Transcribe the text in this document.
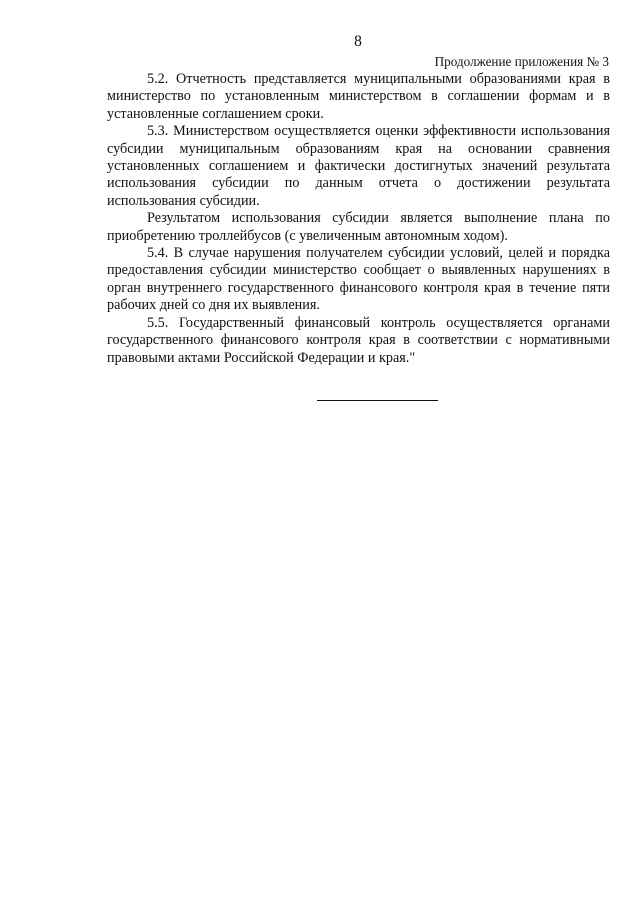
8
Продолжение приложения № 3

5.2. Отчетность представляется муниципальными образованиями края в министерство по установленным министерством в соглашении формам и в установленные соглашением сроки.

5.3. Министерством осуществляется оценки эффективности использования субсидии муниципальным образованиям края на основании сравнения установленных соглашением и фактически достигнутых значений результата использования субсидии по данным отчета о достижении результата использования субсидии.

Результатом использования субсидии является выполнение плана по приобретению троллейбусов (с увеличенным автономным ходом).

5.4. В случае нарушения получателем субсидии условий, целей и порядка предоставления субсидии министерство сообщает о выявленных нарушениях в орган внутреннего государственного финансового контроля края в течение пяти рабочих дней со дня их выявления.

5.5. Государственный финансовый контроль осуществляется органами государственного финансового контроля края в соответствии с нормативными правовыми актами Российской Федерации и края."
